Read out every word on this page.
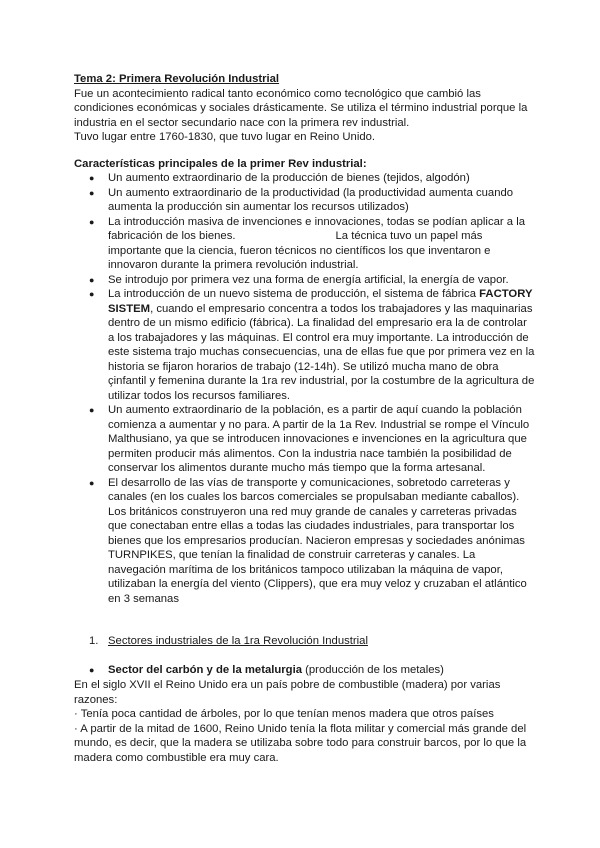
Tema 2: Primera Revolución Industrial

Fue un acontecimiento radical tanto económico como tecnológico que cambió las

condiciones económicas y sociales drásticamente. Se utiliza el término industrial porque la

industria en el sector secundario nace con la primera rev industrial.

Tuvo lugar entre 1760-1830, que tuvo lugar en Reino Unido.

Características principales de la primer Rev industrial:

● Un aumento extraordinario de la producción de bienes (tejidos, algodón)
● Un aumento extraordinario de la productividad (la productividad aumenta cuando
aumenta la producción sin aumentar los recursos utilizados)
● La introducción masiva de invenciones e innovaciones, todas se podían aplicar a la
fabricación de los bienes.	La técnica tuvo un papel más
importante que la ciencia, fueron técnicos no científicos los que inventaron e
innovaron durante la primera revolución industrial.
● Se introdujo por primera vez una forma de energía artificial, la energía de vapor.
● La introducción de un nuevo sistema de producción, el sistema de fábrica FACTORY
SISTEM, cuando el empresario concentra a todos los trabajadores y las maquinarias
dentro de un mismo edificio (fábrica). La finalidad del empresario era la de controlar
a los trabajadores y las máquinas. El control era muy importante. La introducción de
este sistema trajo muchas consecuencias, una de ellas fue que por primera vez en la
historia se fijaron horarios de trabajo (12-14h). Se utilizó mucha mano de obra
çinfantil y femenina durante la 1ra rev industrial, por la costumbre de la agricultura de
utilizar todos los recursos familiares.
● Un aumento extraordinario de la población, es a partir de aquí cuando la población
comienza a aumentar y no para. A partir de la 1a Rev. Industrial se rompe el Vínculo
Malthusiano, ya que se introducen innovaciones e invenciones en la agricultura que
permiten producir más alimentos. Con la industria nace también la posibilidad de
conservar los alimentos durante mucho más tiempo que la forma artesanal.
● El desarrollo de las vías de transporte y comunicaciones, sobretodo carreteras y
canales (en los cuales los barcos comerciales se propulsaban mediante caballos).
Los británicos construyeron una red muy grande de canales y carreteras privadas
que conectaban entre ellas a todas las ciudades industriales, para transportar los
bienes que los empresarios producían. Nacieron empresas y sociedades anónimas
TURNPIKES, que tenían la finalidad de construir carreteras y canales. La
navegación marítima de los británicos tampoco utilizaban la máquina de vapor,
utilizaban la energía del viento (Clippers), que era muy veloz y cruzaban el atlántico
en 3 semanas

1. Sectores industriales de la 1ra Revolución Industrial

● Sector del carbón y de la metalurgia (producción de los metales)

En el siglo XVII el Reino Unido era un país pobre de combustible (madera) por varias

razones:

· Tenía poca cantidad de árboles, por lo que tenían menos madera que otros países

· A partir de la mitad de 1600, Reino Unido tenía la flota militar y comercial más grande del

mundo, es decir, que la madera se utilizaba sobre todo para construir barcos, por lo que la

madera como combustible era muy cara.
